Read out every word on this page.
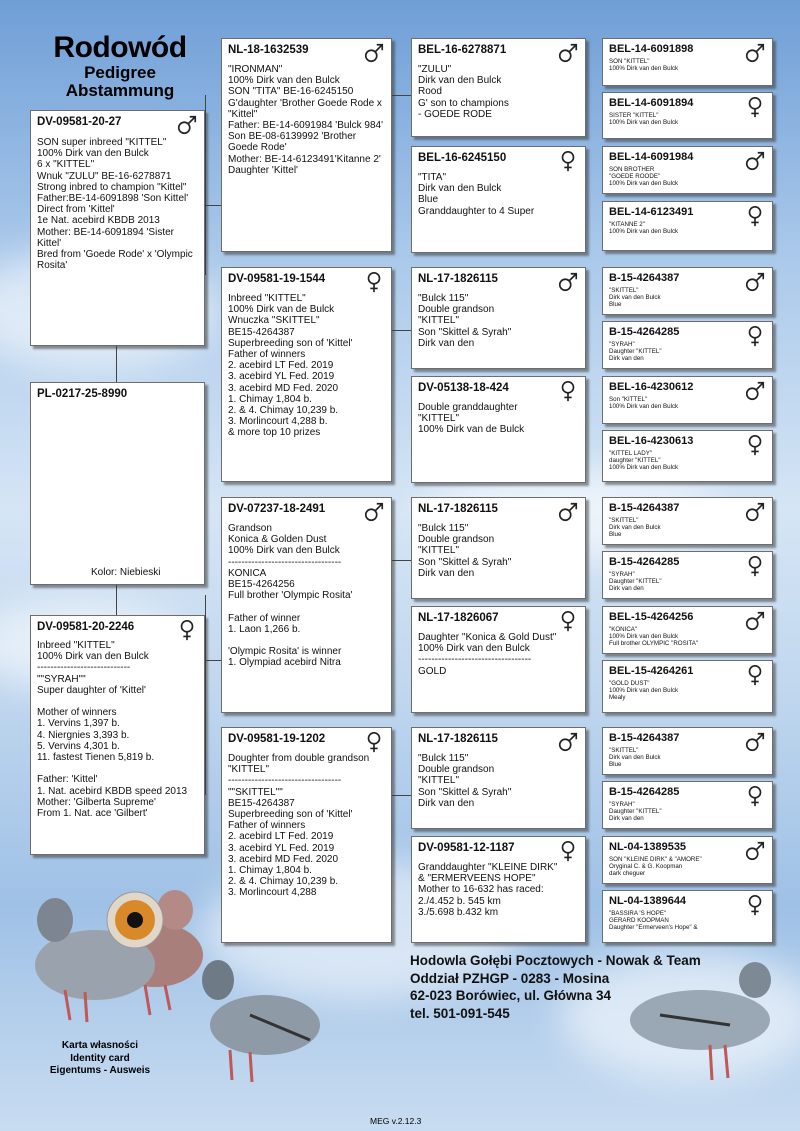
Rodowód
Pedigree
Abstammung
DV-09581-20-27
SON super inbreed "KITTEL"
100% Dirk van den Bulck
6 x "KITTEL"
Wnuk "ZULU" BE-16-6278871
Strong inbred to champion "Kittel"
Father:BE-14-6091898 'Son Kittel' Direct from 'Kittel'
1e Nat. acebird KBDB 2013
Mother: BE-14-6091894 'Sister Kittel'
Bred from 'Goede Rode' x 'Olympic Rosita'
PL-0217-25-8990
Kolor: Niebieski
DV-09581-20-2246
Inbreed "KITTEL"
100% Dirk van den Bulck
----------------------------
""SYRAH""
Super daughter of 'Kittel'

Mother of winners
1. Vervins 1,397 b.
4. Niergnies 3,393 b.
5. Vervins 4,301 b.
11. fastest Tienen 5,819 b.

Father: 'Kittel'
1. Nat. acebird KBDB speed 2013
Mother: 'Gilberta Supreme'
From 1. Nat. ace 'Gilbert'
NL-18-1632539
"IRONMAN"
100% Dirk van den Bulck
SON "TITA" BE-16-6245150
G'daughter 'Brother Goede Rode x "Kittel"
Father: BE-14-6091984 'Bulck 984'
Son BE-08-6139992 'Brother Goede Rode'
Mother: BE-14-6123491'Kitanne 2'
Daughter 'Kittel'
DV-09581-19-1544
Inbreed "KITTEL"
100% Dirk van de Bulck
Wnuczka "SKITTEL"
BE15-4264387
Superbreeding son of 'Kittel'
Father of winners
2. acebird LT Fed. 2019
3. acebird YL Fed. 2019
3. acebird MD Fed. 2020
1. Chimay 1,804 b.
2. & 4. Chimay 10,239 b.
3. Morlincourt 4,288 b.
& more top 10 prizes
DV-07237-18-2491
Grandson
Konica & Golden Dust
100% Dirk van den Bulck
----------------------------------
KONICA
BE15-4264256
Full brother 'Olympic Rosita'

Father of winner
1. Laon 1,266 b.

'Olympic Rosita' is winner
1. Olympiad acebird Nitra
DV-09581-19-1202
Doughter from double grandson "KITTEL"
----------------------------------
""SKITTEL""
BE15-4264387
Superbreeding son of 'Kittel'
Father of winners
2. acebird LT Fed. 2019
3. acebird YL Fed. 2019
3. acebird MD Fed. 2020
1. Chimay 1,804 b.
2. & 4. Chimay 10,239 b.
3. Morlincourt 4,288
BEL-16-6278871
"ZULU"
Dirk van den Bulck
Rood
G' son to champions
- GOEDE RODE
BEL-16-6245150
"TITA"
Dirk van den Bulck
Blue
Granddaughter to 4 Super
NL-17-1826115
"Bulck 115"
Double grandson
"KITTEL"
Son "Skittel & Syrah"
Dirk van den
DV-05138-18-424
Double granddaughter
"KITTEL"
100% Dirk van de Bulck
NL-17-1826115
"Bulck 115"
Double grandson
"KITTEL"
Son "Skittel & Syrah"
Dirk van den
NL-17-1826067
Daughter "Konica & Gold Dust"
100% Dirk van den Bulck
----------------------------------
GOLD
NL-17-1826115
"Bulck 115"
Double grandson
"KITTEL"
Son "Skittel & Syrah"
Dirk van den
DV-09581-12-1187
Granddaughter "KLEINE DIRK"
& "ERMERVEENS HOPE"
Mother to 16-632 has raced:
2./4.452 b. 545 km
3./5.698 b.432 km
BEL-14-6091898
SON "KITTEL"
100% Dirk van den Bulck
BEL-14-6091894
SISTER "KITTEL"
100% Dirk van den Bulck
BEL-14-6091984
SON BROTHER
"GOEDE ROODE"
100% Dirk van den Bulck
BEL-14-6123491
"KITANNE 2"
100% Dirk van den Bulck
B-15-4264387
"SKITTEL"
Dirk van den Bulck
Blue
B-15-4264285
"SYRAH"
Daughter "KITTEL"
Dirk van den
BEL-16-4230612
Son "KITTEL"
100% Dirk van den Bulck
BEL-16-4230613
"KITTEL LADY"
daughter "KITTEL"
100% Dirk van den Bulck
B-15-4264387
"SKITTEL"
Dirk van den Bulck
Blue
B-15-4264285
"SYRAH"
Daughter "KITTEL"
Dirk van den
BEL-15-4264256
"KONICA"
100% Dirk van den Bulck
Full brother OLYMPIC "ROSITA"
BEL-15-4264261
"GOLD DUST"
100% Dirk van den Bulck
Mealy
B-15-4264387
"SKITTEL"
Dirk van den Bulck
Blue
B-15-4264285
"SYRAH"
Daughter "KITTEL"
Dirk van den
NL-04-1389535
SON "KLEINE DIRK" & "AMORE"
Oryginal C. & G. Koopman
dark cheguer
NL-04-1389644
"BASSIRA 'S HOPE"
GERARD KOOPMAN
Daughter "Ermerveen's Hope" &
Hodowla Gołębi Pocztowych - Nowak & Team
Oddział PZHGP - 0283 - Mosina
62-023 Borówiec, ul. Główna 34
tel. 501-091-545
Karta własności
Identity card
Eigentums - Ausweis
MEG v.2.12.3
